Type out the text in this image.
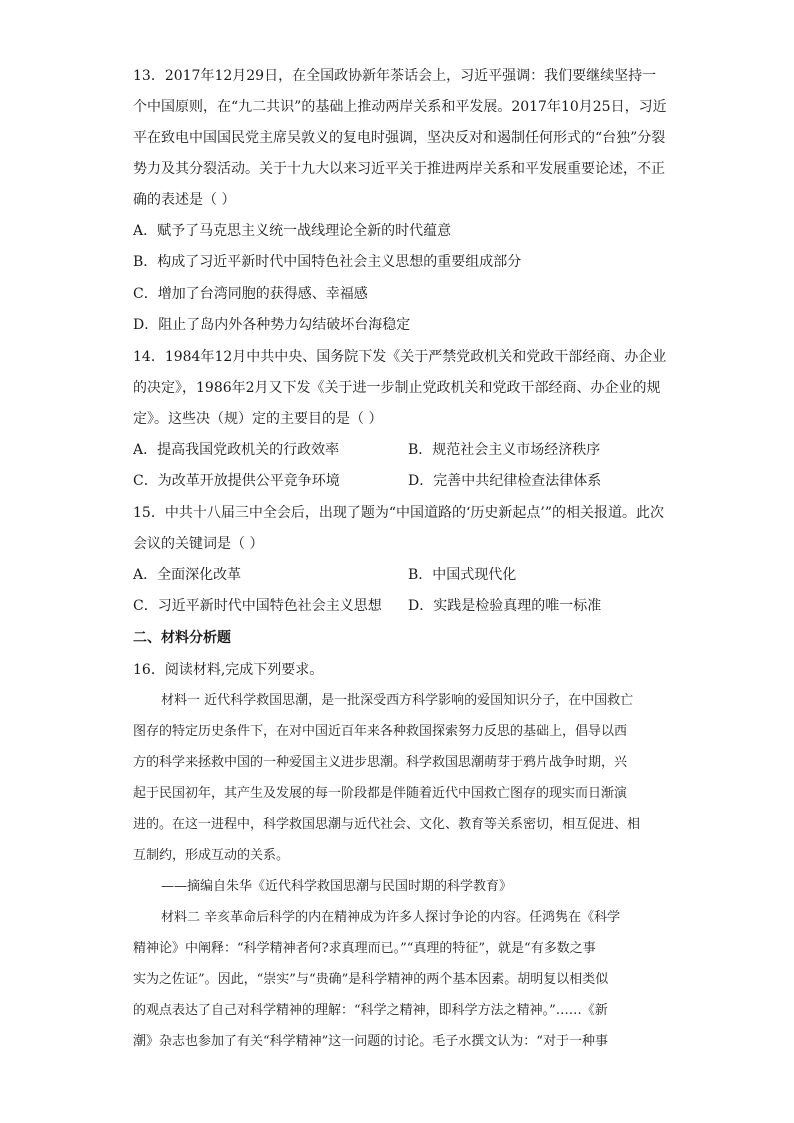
13．2017年12月29日，在全国政协新年茶话会上，习近平强调：我们要继续坚持一
个中国原则，在“九二共识”的基础上推动两岸关系和平发展。2017年10月25日，习近
平在致电中国国民党主席吴敦义的复电时强调，坚决反对和遏制任何形式的“台独”分裂
势力及其分裂活动。关于十九大以来习近平关于推进两岸关系和平发展重要论述，不正
确的表述是（ ）
A．赋予了马克思主义统一战线理论全新的时代蕴意
B．构成了习近平新时代中国特色社会主义思想的重要组成部分
C．增加了台湾同胞的获得感、幸福感
D．阻止了岛内外各种势力勾结破坏台海稳定
14．1984年12月中共中央、国务院下发《关于严禁党政机关和党政干部经商、办企业
的决定》，1986年2月又下发《关于进一步制止党政机关和党政干部经商、办企业的规
定》。这些决（规）定的主要目的是（ ）
A．提高我国党政机关的行政效率	B．规范社会主义市场经济秩序
C．为改革开放提供公平竞争环境	D．完善中共纪律检查法律体系
15．中共十八届三中全会后，出现了题为“中国道路的‘历史新起点’”的相关报道。此次
会议的关键词是（ ）
A．全面深化改革	B．中国式现代化
C．习近平新时代中国特色社会主义思想 D．实践是检验真理的唯一标准
二、材料分析题
16．阅读材料,完成下列要求。
材料一 近代科学救国思潮，是一批深受西方科学影响的爱国知识分子，在中国救亡
图存的特定历史条件下，在对中国近百年来各种救国探索努力反思的基础上，倡导以西
方的科学来拯救中国的一种爱国主义进步思潮。科学救国思潮萌芽于鸦片战争时期，兴
起于民国初年，其产生及发展的每一阶段都是伴随着近代中国救亡图存的现实而日渐演
进的。在这一进程中，科学救国思潮与近代社会、文化、教育等关系密切，相互促进、相
互制约，形成互动的关系。
——摘编自朱华《近代科学救国思潮与民国时期的科学教育》
材料二 辛亥革命后科学的内在精神成为许多人探讨争论的内容。任鸿隽在《科学
精神论》中阐释：“科学精神者何?求真理而已。”“真理的特征”，就是“有多数之事
实为之佐证”。因此，“崇实”与“贵确”是科学精神的两个基本因素。胡明复以相类似
的观点表达了自己对科学精神的理解：“科学之精神，即科学方法之精神。”……《新
潮》杂志也参加了有关“科学精神”这一问题的讨论。毛子水撰文认为：“对于一种事
